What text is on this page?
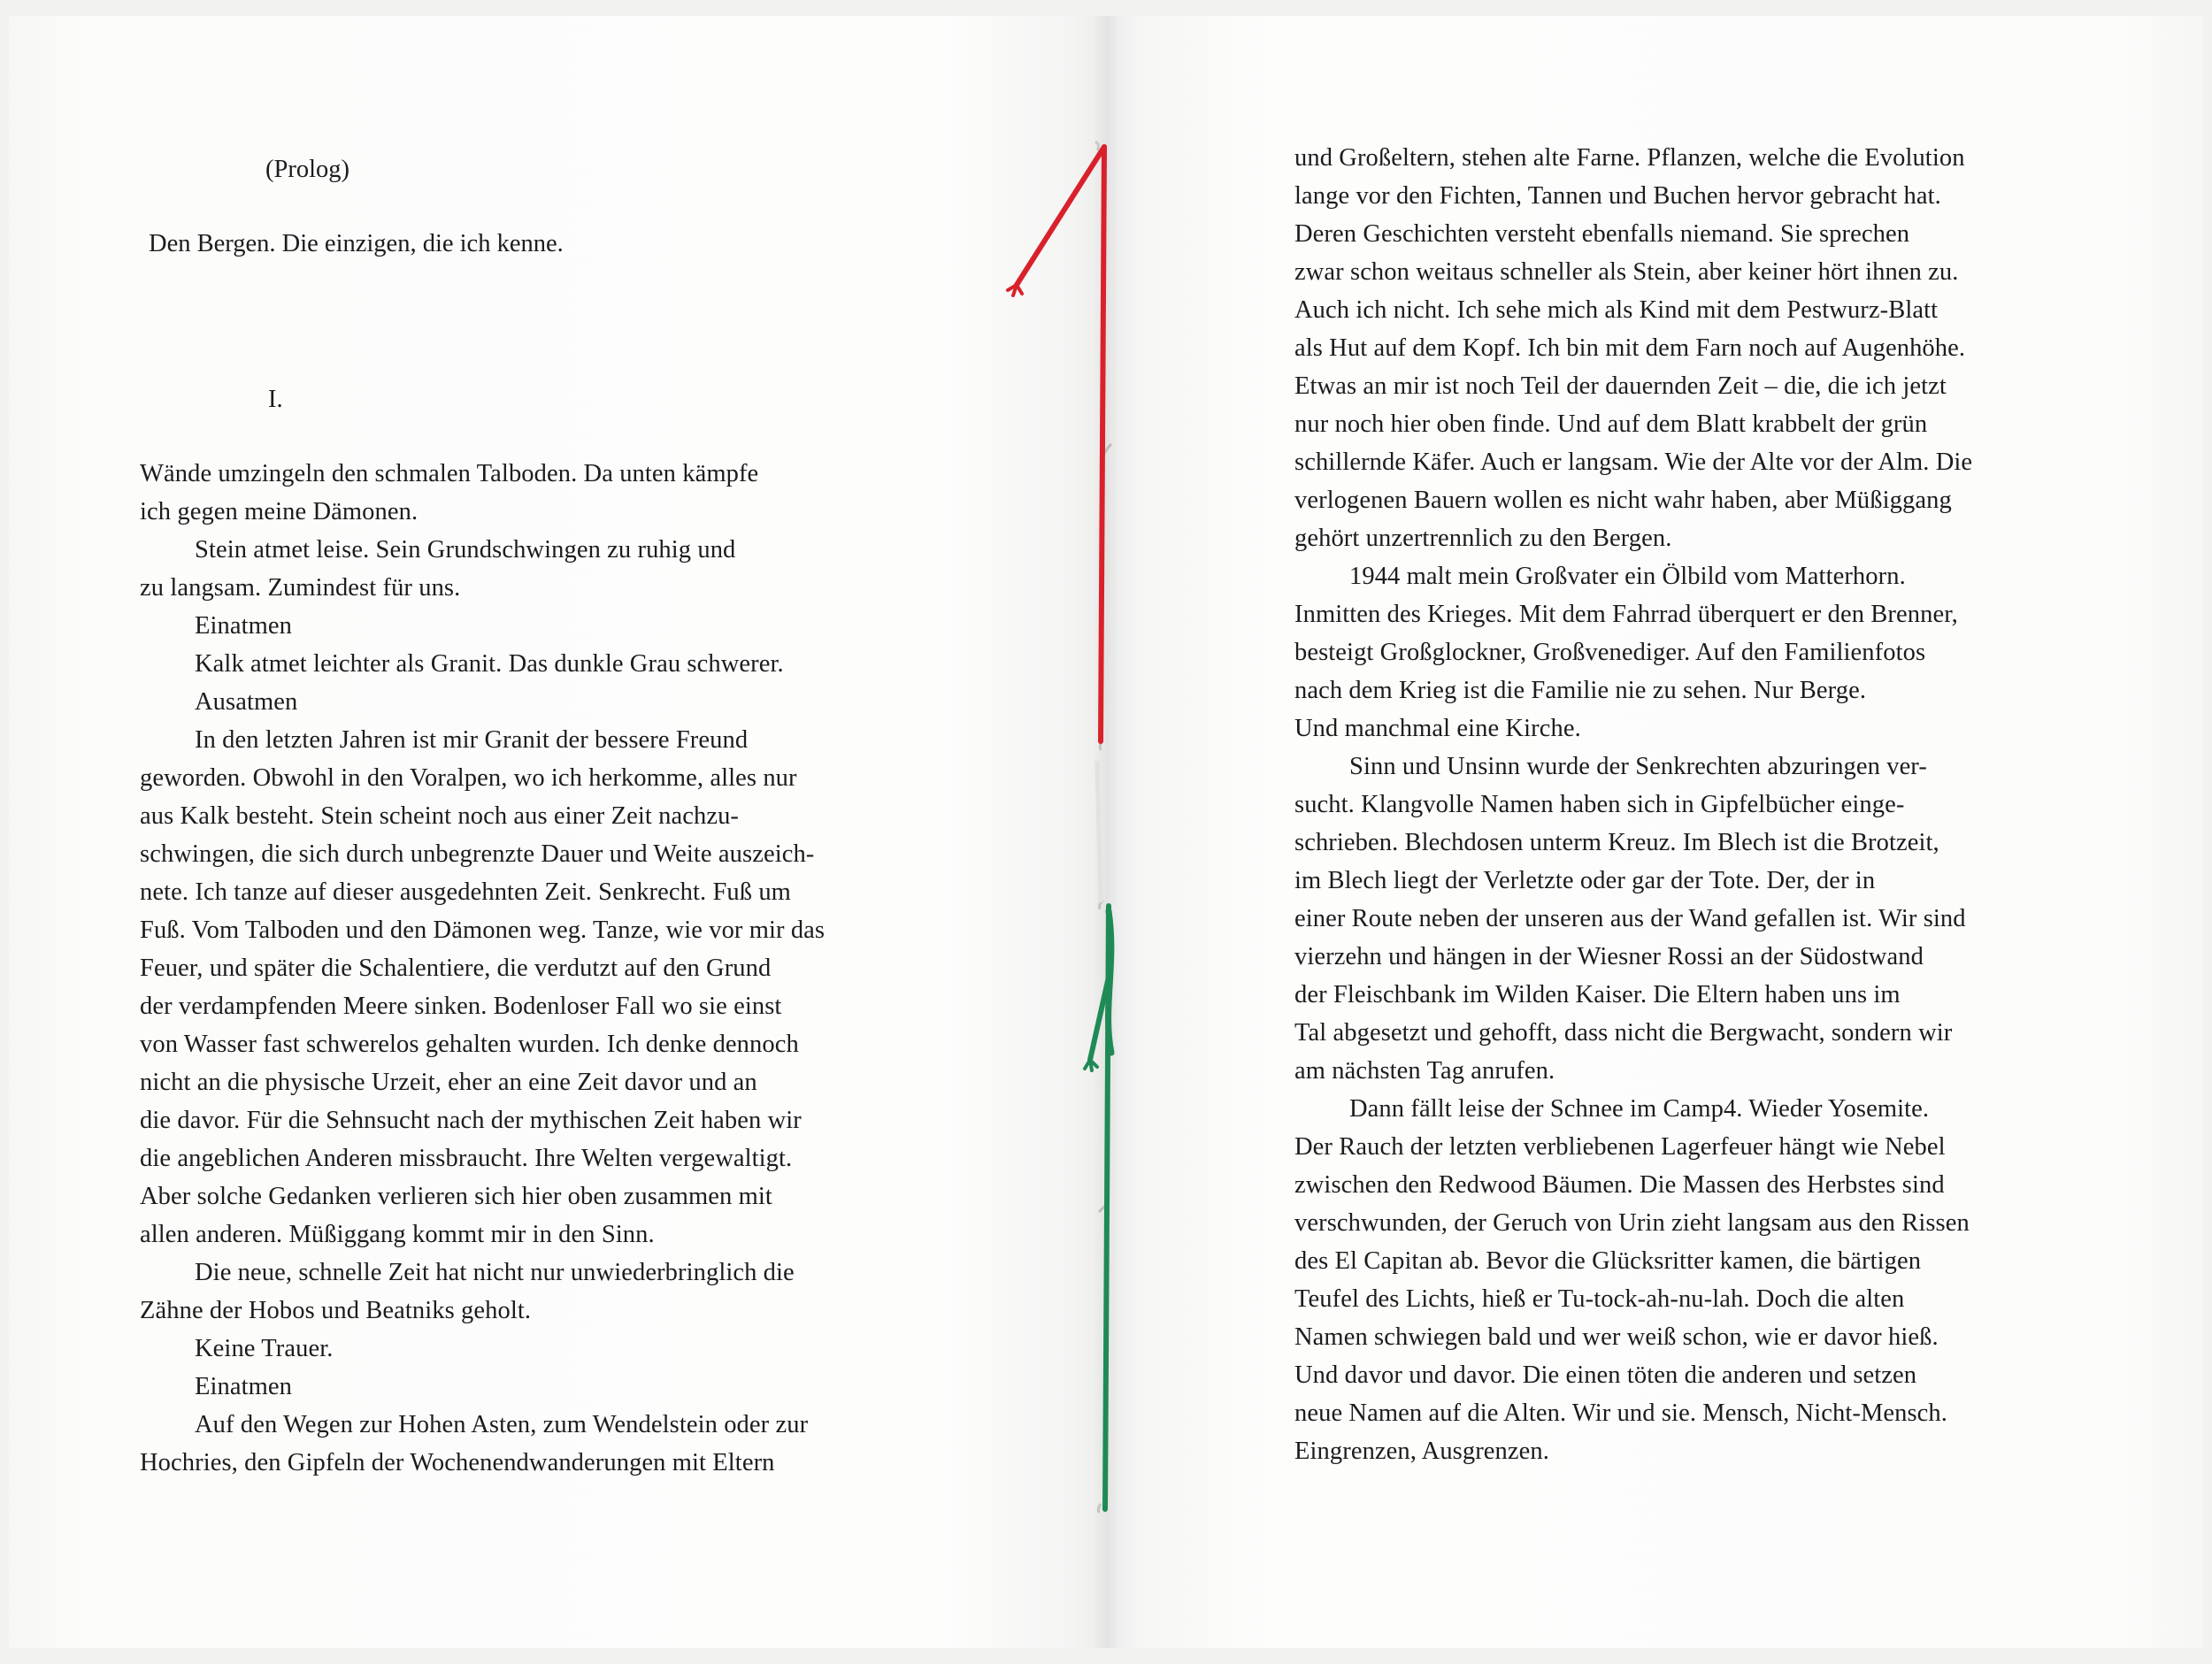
(Prolog)
Den Bergen. Die einzigen, die ich kenne.
I.
Wände umzingeln den schmalen Talboden. Da unten kämpfe
ich gegen meine Dämonen.
Stein atmet leise. Sein Grundschwingen zu ruhig und
zu langsam. Zumindest für uns.
Einatmen
Kalk atmet leichter als Granit. Das dunkle Grau schwerer.
Ausatmen
In den letzten Jahren ist mir Granit der bessere Freund
geworden. Obwohl in den Voralpen, wo ich herkomme, alles nur
aus Kalk besteht. Stein scheint noch aus einer Zeit nachzu-
schwingen, die sich durch unbegrenzte Dauer und Weite auszeich-
nete. Ich tanze auf dieser ausgedehnten Zeit. Senkrecht. Fuß um
Fuß. Vom Talboden und den Dämonen weg. Tanze, wie vor mir das
Feuer, und später die Schalentiere, die verdutzt auf den Grund
der verdampfenden Meere sinken. Bodenloser Fall wo sie einst
von Wasser fast schwerelos gehalten wurden. Ich denke dennoch
nicht an die physische Urzeit, eher an eine Zeit davor und an
die davor. Für die Sehnsucht nach der mythischen Zeit haben wir
die angeblichen Anderen missbraucht. Ihre Welten vergewaltigt.
Aber solche Gedanken verlieren sich hier oben zusammen mit
allen anderen. Müßiggang kommt mir in den Sinn.
Die neue, schnelle Zeit hat nicht nur unwiederbringlich die
Zähne der Hobos und Beatniks geholt.
Keine Trauer.
Einatmen
Auf den Wegen zur Hohen Asten, zum Wendelstein oder zur
Hochries, den Gipfeln der Wochenendwanderungen mit Eltern
und Großeltern, stehen alte Farne. Pflanzen, welche die Evolution
lange vor den Fichten, Tannen und Buchen hervor gebracht hat.
Deren Geschichten versteht ebenfalls niemand. Sie sprechen
zwar schon weitaus schneller als Stein, aber keiner hört ihnen zu.
Auch ich nicht. Ich sehe mich als Kind mit dem Pestwurz-Blatt
als Hut auf dem Kopf. Ich bin mit dem Farn noch auf Augenhöhe.
Etwas an mir ist noch Teil der dauernden Zeit – die, die ich jetzt
nur noch hier oben finde. Und auf dem Blatt krabbelt der grün
schillernde Käfer. Auch er langsam. Wie der Alte vor der Alm. Die
verlogenen Bauern wollen es nicht wahr haben, aber Müßiggang
gehört unzertrennlich zu den Bergen.
1944 malt mein Großvater ein Ölbild vom Matterhorn.
Inmitten des Krieges. Mit dem Fahrrad überquert er den Brenner,
besteigt Großglockner, Großvenediger. Auf den Familienfotos
nach dem Krieg ist die Familie nie zu sehen. Nur Berge.
Und manchmal eine Kirche.
Sinn und Unsinn wurde der Senkrechten abzuringen ver-
sucht. Klangvolle Namen haben sich in Gipfelbücher einge-
schrieben. Blechdosen unterm Kreuz. Im Blech ist die Brotzeit,
im Blech liegt der Verletzte oder gar der Tote. Der, der in
einer Route neben der unseren aus der Wand gefallen ist. Wir sind
vierzehn und hängen in der Wiesner Rossi an der Südostwand
der Fleischbank im Wilden Kaiser. Die Eltern haben uns im
Tal abgesetzt und gehofft, dass nicht die Bergwacht, sondern wir
am nächsten Tag anrufen.
Dann fällt leise der Schnee im Camp4. Wieder Yosemite.
Der Rauch der letzten verbliebenen Lagerfeuer hängt wie Nebel
zwischen den Redwood Bäumen. Die Massen des Herbstes sind
verschwunden, der Geruch von Urin zieht langsam aus den Rissen
des El Capitan ab. Bevor die Glücksritter kamen, die bärtigen
Teufel des Lichts, hieß er Tu-tock-ah-nu-lah. Doch die alten
Namen schwiegen bald und wer weiß schon, wie er davor hieß.
Und davor und davor. Die einen töten die anderen und setzen
neue Namen auf die Alten. Wir und sie. Mensch, Nicht-Mensch.
Eingrenzen, Ausgrenzen.
